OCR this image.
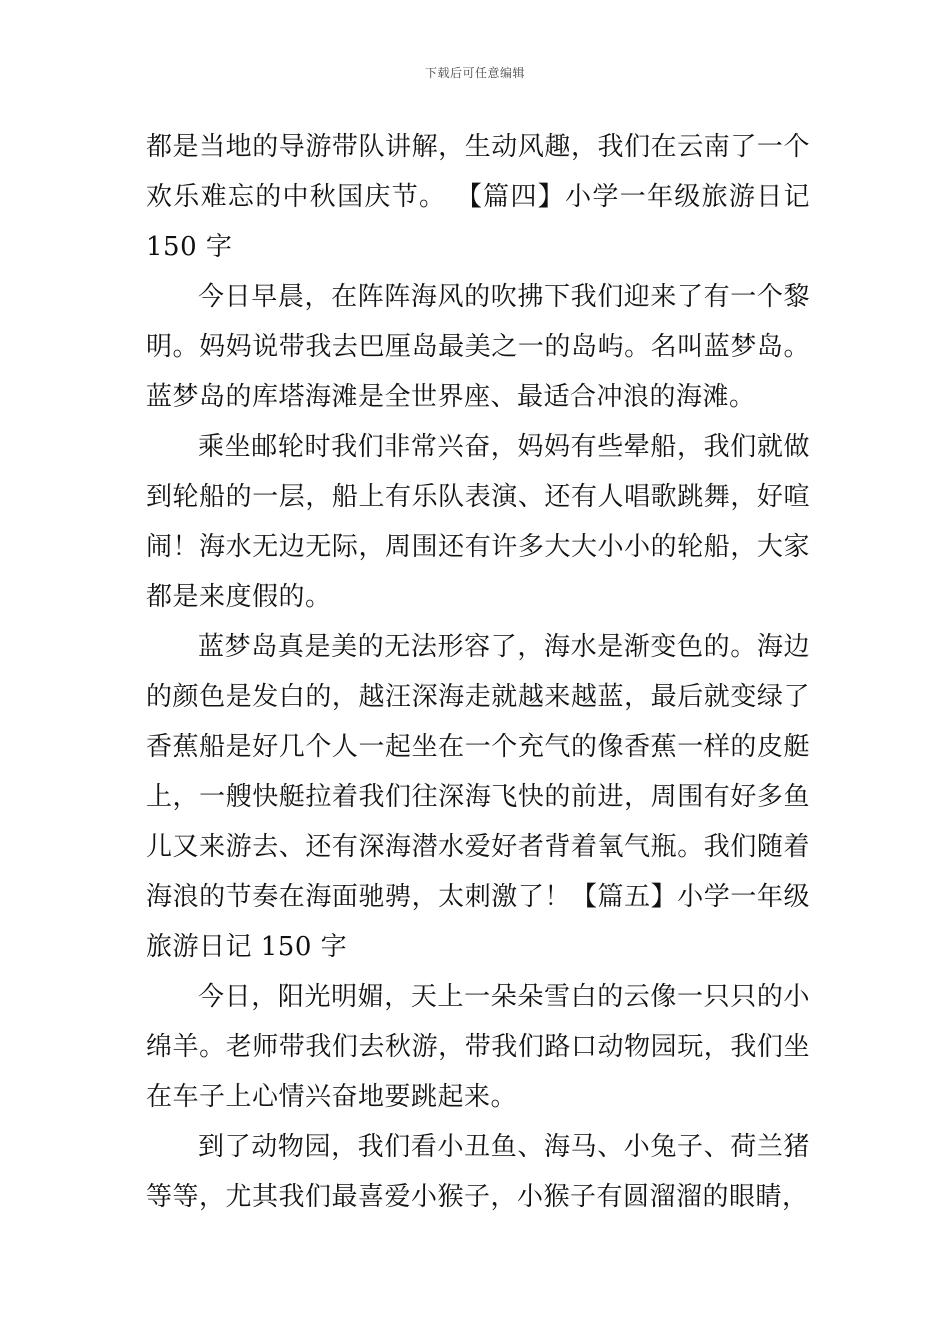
下载后可任意编辑

都是当地的导游带队讲解，生动风趣，我们在云南了一个欢乐难忘的中秋国庆节。 【篇四】小学一年级旅游日记 150 字

今日早晨，在阵阵海风的吹拂下我们迎来了有一个黎明。妈妈说带我去巴厘岛最美之一的岛屿。名叫蓝梦岛。蓝梦岛的库塔海滩是全世界座、最适合冲浪的海滩。

乘坐邮轮时我们非常兴奋，妈妈有些晕船，我们就做到轮船的一层，船上有乐队表演、还有人唱歌跳舞，好喧闹！海水无边无际，周围还有许多大大小小的轮船，大家都是来度假的。

蓝梦岛真是美的无法形容了，海水是渐变色的。海边的颜色是发白的，越汪深海走就越来越蓝，最后就变绿了香蕉船是好几个人一起坐在一个充气的像香蕉一样的皮艇上，一艘快艇拉着我们往深海飞快的前进，周围有好多鱼儿又来游去、还有深海潜水爱好者背着氧气瓶。我们随着海浪的节奏在海面驰骋，太刺激了！【篇五】小学一年级旅游日记 150 字

今日，阳光明媚，天上一朵朵雪白的云像一只只的小绵羊。老师带我们去秋游，带我们路口动物园玩，我们坐在车子上心情兴奋地要跳起来。

到了动物园，我们看小丑鱼、海马、小兔子、荷兰猪等等，尤其我们最喜爱小猴子，小猴子有圆溜溜的眼睛，
